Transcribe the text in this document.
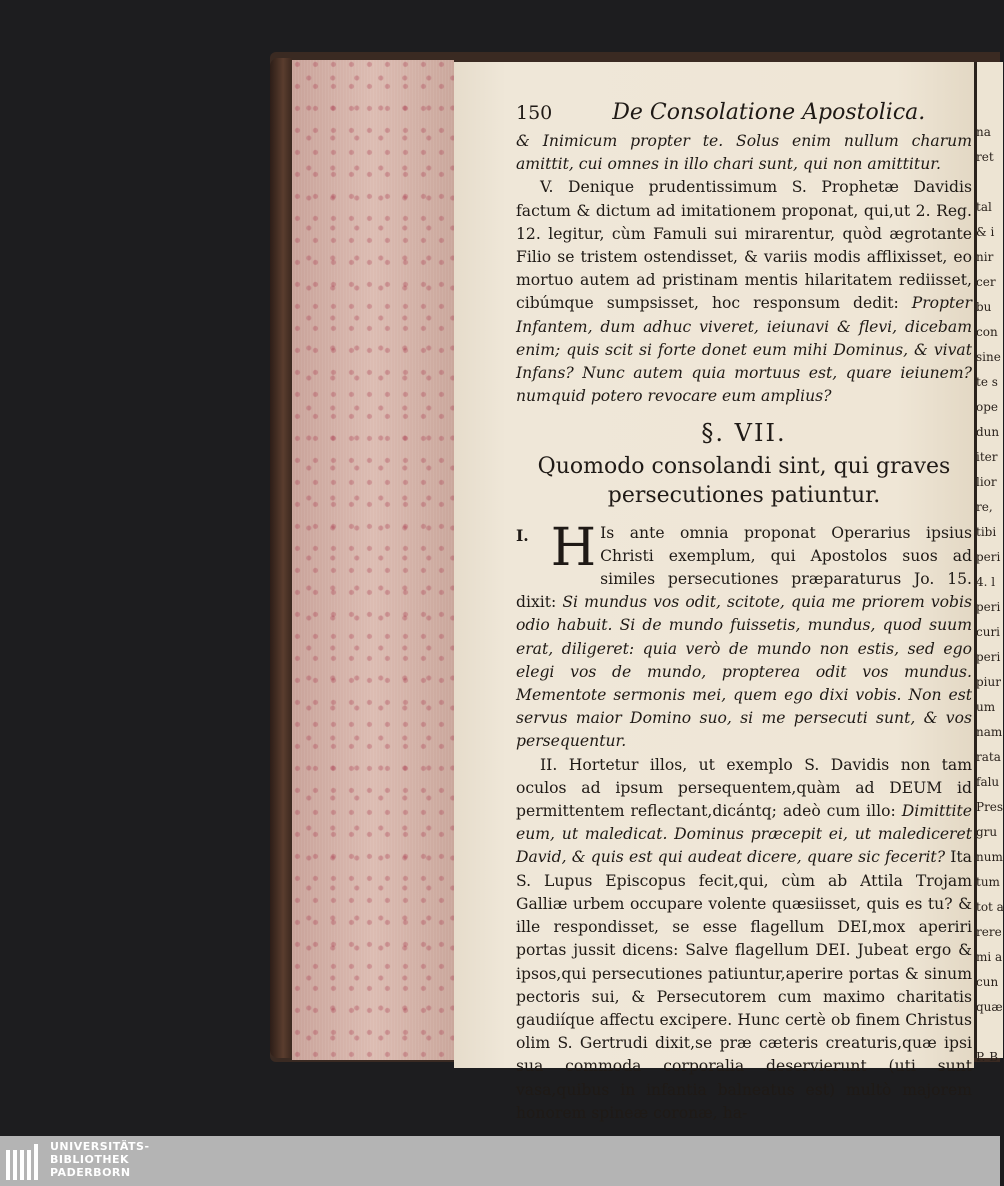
150	De Consolatione Apostolica.

& Inimicum propter te. Solus enim nullum charum amittit, cui omnes in illo chari sunt, qui non amittitur.

V. Denique prudentissimum S. Prophetæ Davidis factum & dictum ad imitationem proponat, qui,ut 2. Reg. 12. legitur, cùm Famuli sui mirarentur, quòd ægrotante Filio se tristem ostendisset, & variis modis afflixisset, eo mortuo autem ad pristinam mentis hilaritatem rediisset, cibúmque sumpsisset, hoc responsum dedit: Propter Infantem, dum adhuc viveret, ieiunavi & flevi, dicebam enim; quis scit si forte donet eum mihi Dominus, & vivat Infans? Nunc autem quia mortuus est, quare ieiunem? numquid potero revocare eum amplius?

§. VII.
Quomodo consolandi sint, qui graves persecutiones patiuntur.

I. H Is ante omnia proponat Operarius ipsius Christi exemplum, qui Apostolos suos ad similes persecutiones præparaturus Jo. 15. dixit: Si mundus vos odit, scitote, quia me priorem vobis odio habuit. Si de mundo fuissetis, mundus, quod suum erat, diligeret: quia verò de mundo non estis, sed ego elegi vos de mundo, propterea odit vos mundus. Mementote sermonis mei, quem ego dixi vobis. Non est servus maior Domino suo, si me persecuti sunt, & vos persequentur.

II. Hortetur illos, ut exemplo S. Davidis non tam oculos ad ipsum persequentem,quàm ad DEUM id permittentem reflectant,dicántq; adeò cum illo: Dimittite eum, ut maledicat. Dominus præcepit ei, ut malediceret David, & quis est qui audeat dicere, quare sic fecerit? Ita S. Lupus Episcopus fecit,qui, cùm ab Attila Trojam Galliæ urbem occupare volente quæsiisset, quis es tu? & ille respondisset, se esse flagellum DEI,mox aperiri portas jussit dicens: Salve flagellum DEI. Jubeat ergo & ipsos,qui persecutiones patiuntur,aperire portas & sinum pectoris sui, & Persecutorem cum maximo charitatis gaudiíque affectu excipere. Hunc certè ob finem Christus olim S. Gertrudi dixit,se præ cæteris creaturis,quæ ipsi sua commoda corporalia deservierunt (uti sunt vasa,quibus in infantia balneatus est) multò majorem honorem spineæ coronæ, ha-

na
ret

tal
& i
nir
cer
bu
con
sine
te s
ope
dun
iter
lior
re,
tibi
peri
4. l
peri
curi
peri
piur
um
nam
rata
falu
Pres
gru
num
tum
tot a
rere
mi a
cun
quæ

P. B
UNIVERSITÄTS-
BIBLIOTHEK
PADERBORN
